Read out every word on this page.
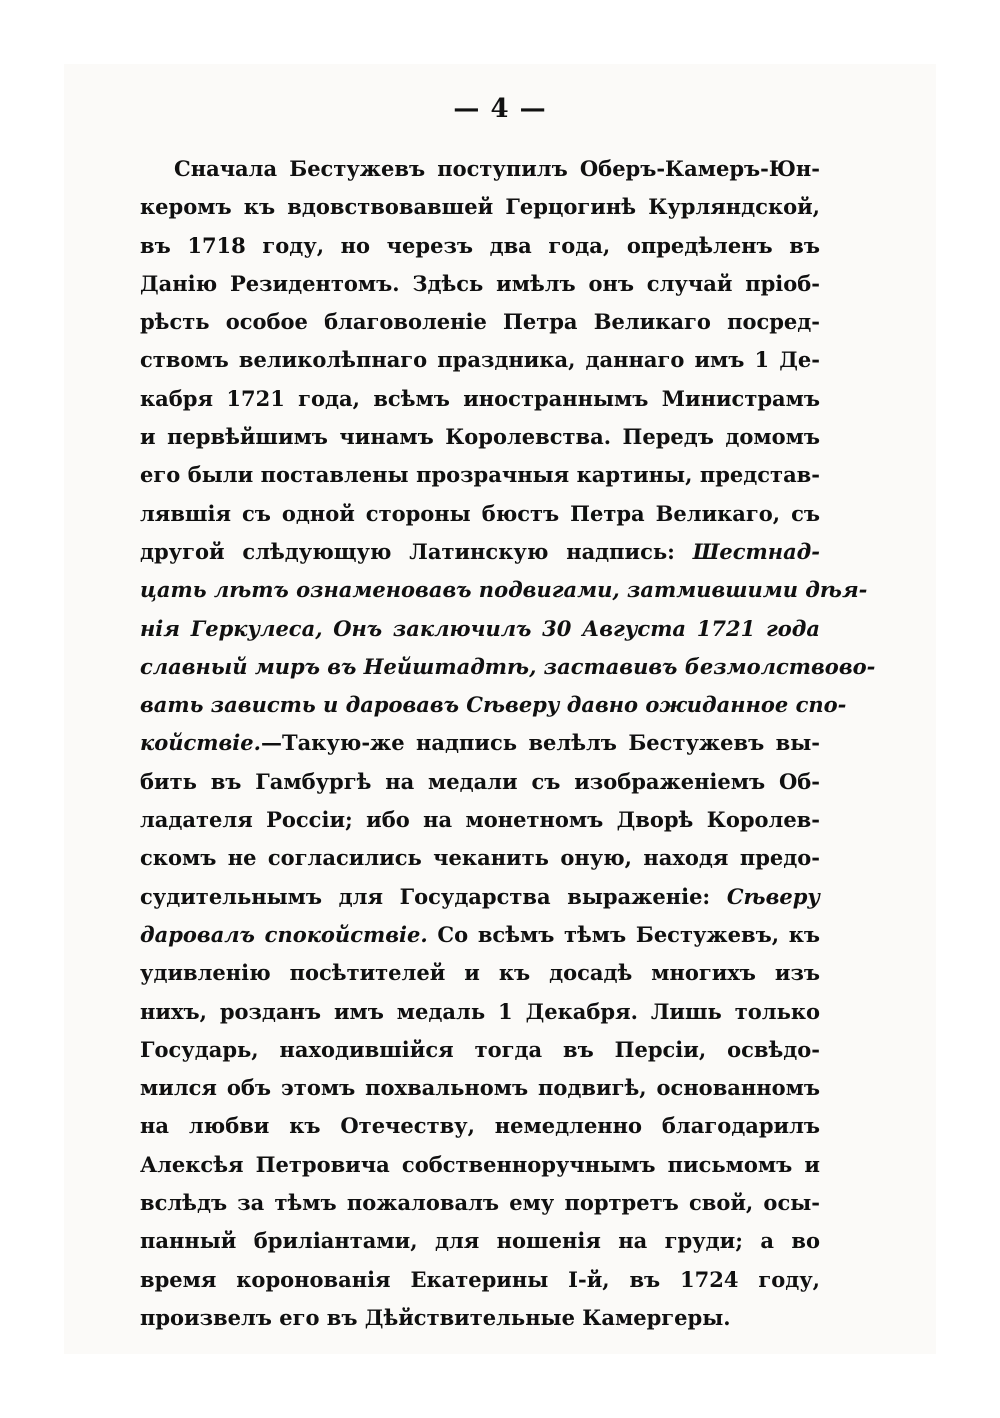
— 4 —
Сначала Бестужевъ поступилъ Оберъ-Камеръ-Юн-
керомъ къ вдовствовавшей Герцогинѣ Курляндской,
въ 1718 году, но черезъ два года, опредѣленъ въ
Данію Резидентомъ. Здѣсь имѣлъ онъ случай пріоб-
рѣсть особое благоволеніе Петра Великаго посред-
ствомъ великолѣпнаго праздника, даннаго имъ 1 Де-
кабря 1721 года, всѣмъ иностраннымъ Министрамъ
и первѣйшимъ чинамъ Королевства. Передъ домомъ
его были поставлены прозрачныя картины, представ-
лявшія съ одной стороны бюстъ Петра Великаго, съ
другой слѣдующую Латинскую надпись: Шестнад-
цать лѣтъ ознаменовавъ подвигами, затмившими дѣя-
нія Геркулеса, Онъ заключилъ 30 Августа 1721 года
славный миръ въ Нейштадтѣ, заставивъ безмолствово-
вать зависть и даровавъ Сѣверу давно ожиданное спо-
койствіе.—Такую-же надпись велѣлъ Бестужевъ вы-
бить въ Гамбургѣ на медали съ изображеніемъ Об-
ладателя Россіи; ибо на монетномъ Дворѣ Королев-
скомъ не согласились чеканить оную, находя предо-
судительнымъ для Государства выраженіе: Сѣверу
даровалъ спокойствіе. Со всѣмъ тѣмъ Бестужевъ, къ
удивленію посѣтителей и къ досадѣ многихъ изъ
нихъ, розданъ имъ медаль 1 Декабря. Лишь только
Государь, находившійся тогда въ Персіи, освѣдо-
мился объ этомъ похвальномъ подвигѣ, основанномъ
на любви къ Отечеству, немедленно благодарилъ
Алексѣя Петровича собственноручнымъ письмомъ и
вслѣдъ за тѣмъ пожаловалъ ему портретъ свой, осы-
панный бриліантами, для ношенія на груди; а во
время коронованія Екатерины I-й, въ 1724 году,
произвелъ его въ Дѣйствительные Камергеры.
